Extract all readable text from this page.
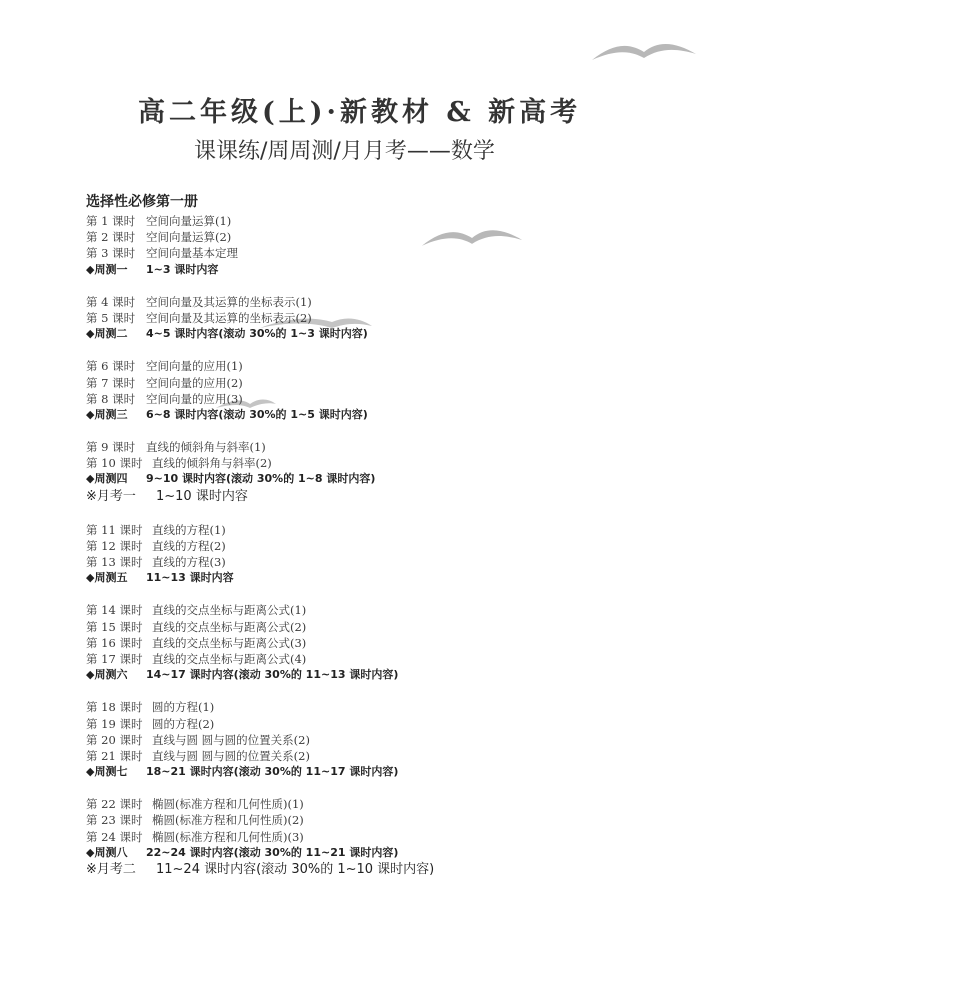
高二年级(上)·新教材 & 新高考
课课练/周周测/月月考——数学
选择性必修第一册
第 1 课时 空间向量运算(1)
第 2 课时 空间向量运算(2)
第 3 课时 空间向量基本定理
◆周测一 1~3 课时内容
第 4 课时 空间向量及其运算的坐标表示(1)
第 5 课时 空间向量及其运算的坐标表示(2)
◆周测二 4~5 课时内容(滚动 30%的 1~3 课时内容)
第 6 课时 空间向量的应用(1)
第 7 课时 空间向量的应用(2)
第 8 课时 空间向量的应用(3)
◆周测三 6~8 课时内容(滚动 30%的 1~5 课时内容)
第 9 课时 直线的倾斜角与斜率(1)
第 10 课时 直线的倾斜角与斜率(2)
◆周测四 9~10 课时内容(滚动 30%的 1~8 课时内容)
※月考一 1~10 课时内容
第 11 课时 直线的方程(1)
第 12 课时 直线的方程(2)
第 13 课时 直线的方程(3)
◆周测五 11~13 课时内容
第 14 课时 直线的交点坐标与距离公式(1)
第 15 课时 直线的交点坐标与距离公式(2)
第 16 课时 直线的交点坐标与距离公式(3)
第 17 课时 直线的交点坐标与距离公式(4)
◆周测六 14~17 课时内容(滚动 30%的 11~13 课时内容)
第 18 课时 圆的方程(1)
第 19 课时 圆的方程(2)
第 20 课时 直线与圆 圆与圆的位置关系(2)
第 21 课时 直线与圆 圆与圆的位置关系(2)
◆周测七 18~21 课时内容(滚动 30%的 11~17 课时内容)
第 22 课时 椭圆(标准方程和几何性质)(1)
第 23 课时 椭圆(标准方程和几何性质)(2)
第 24 课时 椭圆(标准方程和几何性质)(3)
◆周测八 22~24 课时内容(滚动 30%的 11~21 课时内容)
※月考二 11~24 课时内容(滚动 30%的 1~10 课时内容)
